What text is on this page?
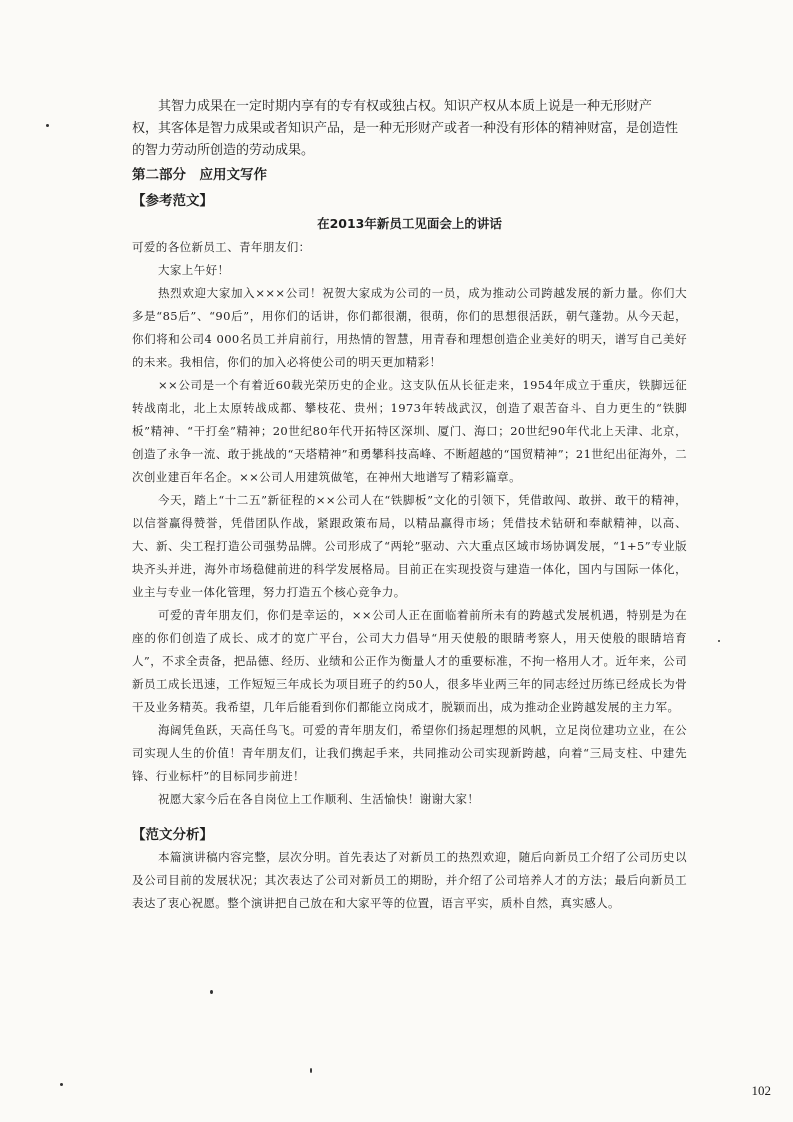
其智力成果在一定时期内享有的专有权或独占权。知识产权从本质上说是一种无形财产

权，其客体是智力成果或者知识产品，是一种无形财产或者一种没有形体的精神财富，是创造性的智力劳动所创造的劳动成果。

第二部分　应用文写作
【参考范文】
在2013年新员工见面会上的讲话

可爱的各位新员工、青年朋友们：

大家上午好！

热烈欢迎大家加入×××公司！祝贺大家成为公司的一员，成为推动公司跨越发展的新力量。你们大多是“85后”、“90后”，用你们的话讲，你们都很潮，很萌，你们的思想很活跃，朝气蓬勃。从今天起，你们将和公司4 000名员工并肩前行，用热情的智慧，用青春和理想创造企业美好的明天，谱写自己美好的未来。我相信，你们的加入必将使公司的明天更加精彩！

××公司是一个有着近60载光荣历史的企业。这支队伍从长征走来，1954年成立于重庆，铁脚远征转战南北，北上太原转战成都、攀枝花、贵州；1973年转战武汉，创造了艰苦奋斗、自力更生的“铁脚板”精神、“干打垒”精神；20世纪80年代开拓特区深圳、厦门、海口；20世纪90年代北上天津、北京，创造了永争一流、敢于挑战的“天塔精神”和勇攀科技高峰、不断超越的“国贸精神”；21世纪出征海外，二次创业建百年名企。××公司人用建筑做笔，在神州大地谱写了精彩篇章。

今天，踏上“十二五”新征程的××公司人在“铁脚板”文化的引领下，凭借敢闯、敢拼、敢干的精神，以信誉赢得赞誉，凭借团队作战，紧跟政策布局，以精品赢得市场；凭借技术钻研和奉献精神，以高、大、新、尖工程打造公司强势品牌。公司形成了“两轮”驱动、六大重点区域市场协调发展，“1+5”专业版块齐头并进，海外市场稳健前进的科学发展格局。目前正在实现投资与建造一体化，国内与国际一体化，业主与专业一体化管理，努力打造五个核心竞争力。

可爱的青年朋友们，你们是幸运的，××公司人正在面临着前所未有的跨越式发展机遇，特别是为在座的你们创造了成长、成才的宽广平台，公司大力倡导“用天使般的眼睛考察人，用天使般的眼睛培育人”，不求全责备，把品德、经历、业绩和公正作为衡量人才的重要标准，不拘一格用人才。近年来，公司新员工成长迅速，工作短短三年成长为项目班子的约50人，很多毕业两三年的同志经过历练已经成长为骨干及业务精英。我希望，几年后能看到你们都能立岗成才，脱颖而出，成为推动企业跨越发展的主力军。

海阔凭鱼跃，天高任鸟飞。可爱的青年朋友们，希望你们扬起理想的风帆，立足岗位建功立业，在公司实现人生的价值！青年朋友们，让我们携起手来，共同推动公司实现新跨越，向着“三局支柱、中建先锋、行业标杆”的目标同步前进！

祝愿大家今后在各自岗位上工作顺利、生活愉快！谢谢大家！

【范文分析】

本篇演讲稿内容完整，层次分明。首先表达了对新员工的热烈欢迎，随后向新员工介绍了公司历史以及公司目前的发展状况；其次表达了公司对新员工的期盼，并介绍了公司培养人才的方法；最后向新员工表达了衷心祝愿。整个演讲把自己放在和大家平等的位置，语言平实，质朴自然，真实感人。

102
